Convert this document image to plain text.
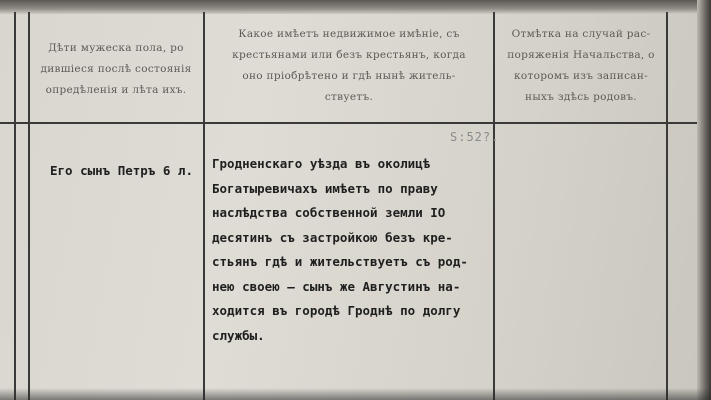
Дѣти мужеска пола, ро
дившіеся послѣ состоянія
опредѣленія и лѣта ихъ.
Какое имѣетъ недвижимое имѣніе, съ
крестьянами или безъ крестьянъ, когда
оно пріобрѣтено и гдѣ нынѣ житель-
ствуетъ.
Отмѣтка на случай рас-
поряженія Начальства, о
которомъ изъ записан-
ныхъ здѣсь родовъ.
S:52?.
Его сынъ Петръ 6 л. Гродненскаго уѣзда въ околицѣ
Богатыревичахъ имѣетъ по праву
наслѣдства собственной земли IO
десятинъ съ застройкою безъ кре-
стьянъ гдѣ и жительствуетъ съ род-
нею своею – сынъ же Августинъ на-
ходится въ городѣ Гроднѣ по долгу
службы.
